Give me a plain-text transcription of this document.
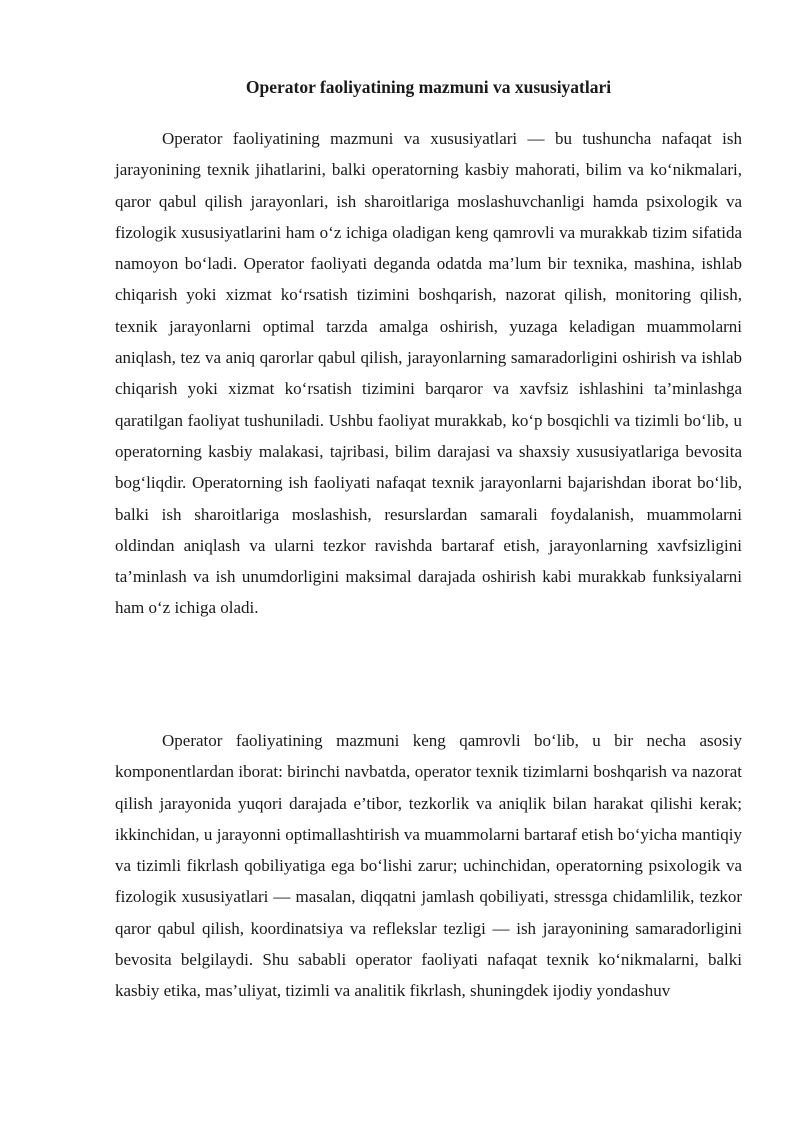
Operator faoliyatining mazmuni va xususiyatlari

Operator faoliyatining mazmuni va xususiyatlari — bu tushuncha nafaqat ish jarayonining texnik jihatlarini, balki operatorning kasbiy mahorati, bilim va ko‘nikmalari, qaror qabul qilish jarayonlari, ish sharoitlariga moslashuvchanligi hamda psixologik va fizologik xususiyatlarini ham o‘z ichiga oladigan keng qamrovli va murakkab tizim sifatida namoyon bo‘ladi. Operator faoliyati deganda odatda ma’lum bir texnika, mashina, ishlab chiqarish yoki xizmat ko‘rsatish tizimini boshqarish, nazorat qilish, monitoring qilish, texnik jarayonlarni optimal tarzda amalga oshirish, yuzaga keladigan muammolarni aniqlash, tez va aniq qarorlar qabul qilish, jarayonlarning samaradorligini oshirish va ishlab chiqarish yoki xizmat ko‘rsatish tizimini barqaror va xavfsiz ishlashini ta’minlashga qaratilgan faoliyat tushuniladi. Ushbu faoliyat murakkab, ko‘p bosqichli va tizimli bo‘lib, u operatorning kasbiy malakasi, tajribasi, bilim darajasi va shaxsiy xususiyatlariga bevosita bog‘liqdir. Operatorning ish faoliyati nafaqat texnik jarayonlarni bajarishdan iborat bo‘lib, balki ish sharoitlariga moslashish, resurslardan samarali foydalanish, muammolarni oldindan aniqlash va ularni tezkor ravishda bartaraf etish, jarayonlarning xavfsizligini ta’minlash va ish unumdorligini maksimal darajada oshirish kabi murakkab funksiyalarni ham o‘z ichiga oladi.

Operator faoliyatining mazmuni keng qamrovli bo‘lib, u bir necha asosiy komponentlardan iborat: birinchi navbatda, operator texnik tizimlarni boshqarish va nazorat qilish jarayonida yuqori darajada e’tibor, tezkorlik va aniqlik bilan harakat qilishi kerak; ikkinchidan, u jarayonni optimallashtirish va muammolarni bartaraf etish bo‘yicha mantiqiy va tizimli fikrlash qobiliyatiga ega bo‘lishi zarur; uchinchidan, operatorning psixologik va fizologik xususiyatlari — masalan, diqqatni jamlash qobiliyati, stressga chidamlilik, tezkor qaror qabul qilish, koordinatsiya va reflekslar tezligi — ish jarayonining samaradorligini bevosita belgilaydi. Shu sababli operator faoliyati nafaqat texnik ko‘nikmalarni, balki kasbiy etika, mas’uliyat, tizimli va analitik fikrlash, shuningdek ijodiy yondashuv
